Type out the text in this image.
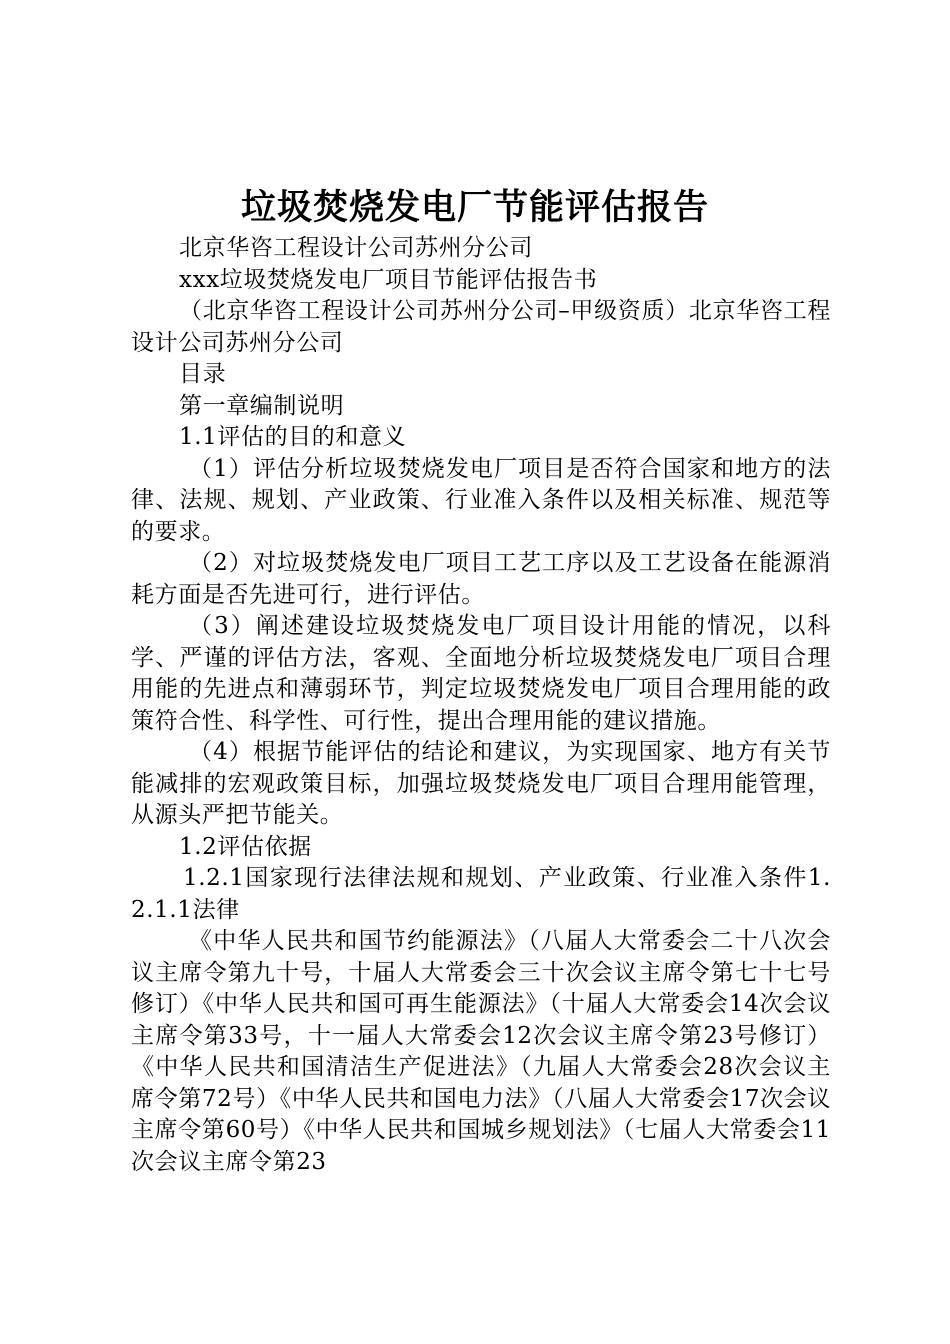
垃圾焚烧发电厂节能评估报告

北京华咨工程设计公司苏州分公司

xxx垃圾焚烧发电厂项目节能评估报告书

（北京华咨工程设计公司苏州分公司–甲级资质）北京华咨工程设计公司苏州分公司

目录

第一章编制说明

1.1评估的目的和意义

（1）评估分析垃圾焚烧发电厂项目是否符合国家和地方的法律、法规、规划、产业政策、行业准入条件以及相关标准、规范等的要求。

（2）对垃圾焚烧发电厂项目工艺工序以及工艺设备在能源消耗方面是否先进可行，进行评估。

（3）阐述建设垃圾焚烧发电厂项目设计用能的情况，以科学、严谨的评估方法，客观、全面地分析垃圾焚烧发电厂项目合理用能的先进点和薄弱环节，判定垃圾焚烧发电厂项目合理用能的政策符合性、科学性、可行性，提出合理用能的建议措施。

（4）根据节能评估的结论和建议，为实现国家、地方有关节能减排的宏观政策目标，加强垃圾焚烧发电厂项目合理用能管理，从源头严把节能关。

1.2评估依据

1.2.1国家现行法律法规和规划、产业政策、行业准入条件1.2.1.1法律

《中华人民共和国节约能源法》（八届人大常委会二十八次会议主席令第九十号，十届人大常委会三十次会议主席令第七十七号修订）《中华人民共和国可再生能源法》（十届人大常委会14次会议主席令第33号，十一届人大常委会12次会议主席令第23号修订）《中华人民共和国清洁生产促进法》（九届人大常委会28次会议主席令第72号）《中华人民共和国电力法》（八届人大常委会17次会议主席令第60号）《中华人民共和国城乡规划法》（七届人大常委会11次会议主席令第23
